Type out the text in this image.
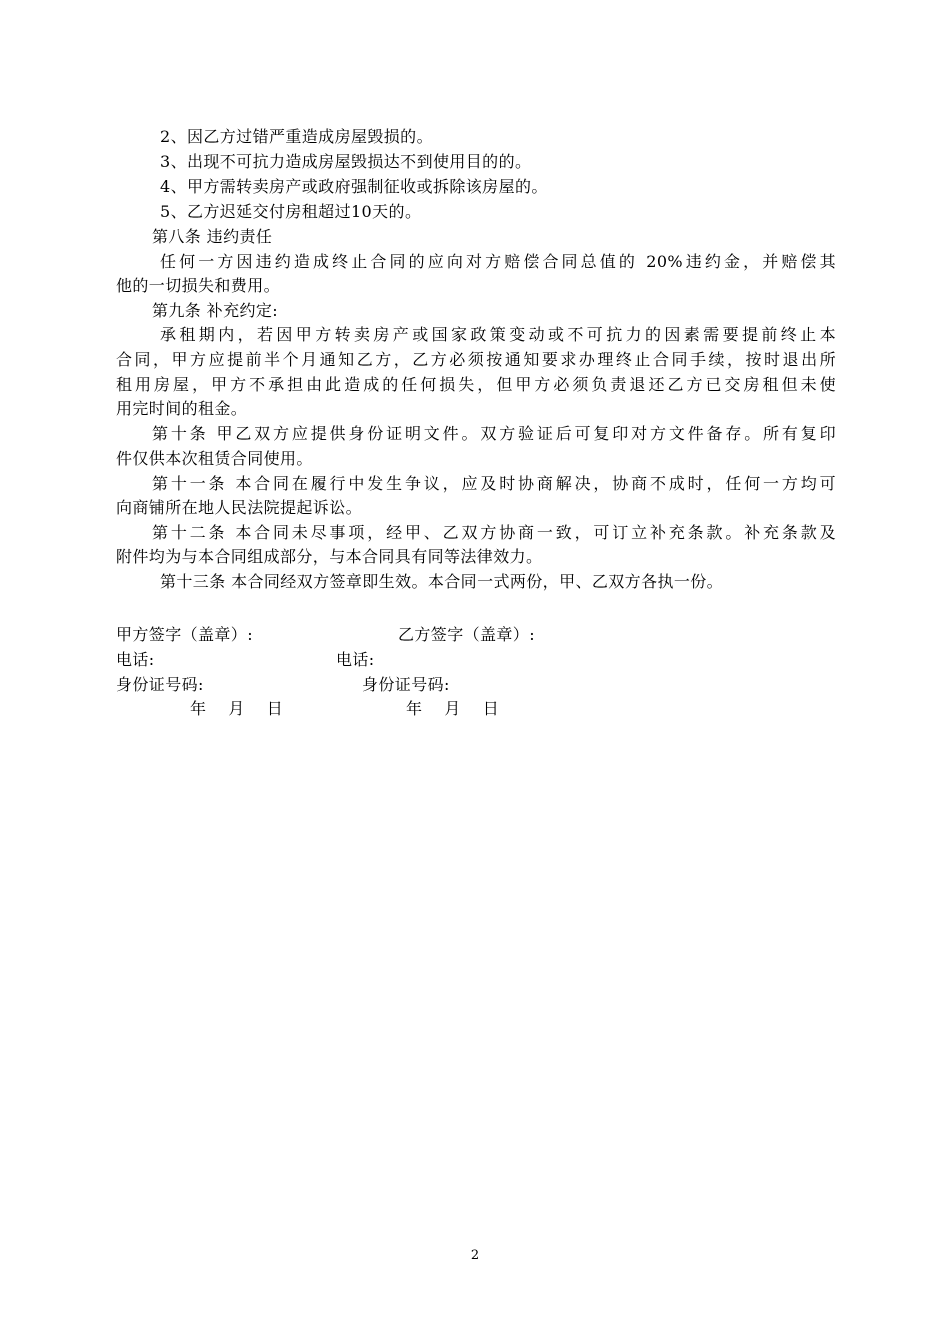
2、因乙方过错严重造成房屋毁损的。
3、出现不可抗力造成房屋毁损达不到使用目的的。
4、甲方需转卖房产或政府强制征收或拆除该房屋的。
5、乙方迟延交付房租超过10天的。
第八条 违约责任
任何一方因违约造成终止合同的应向对方赔偿合同总值的 20%违约金，并赔偿其
他的一切损失和费用。
第九条 补充约定:
承租期内，若因甲方转卖房产或国家政策变动或不可抗力的因素需要提前终止本
合同，甲方应提前半个月通知乙方，乙方必须按通知要求办理终止合同手续，按时退出所
租用房屋，甲方不承担由此造成的任何损失，但甲方必须负责退还乙方已交房租但未使
用完时间的租金。
第十条 甲乙双方应提供身份证明文件。双方验证后可复印对方文件备存。所有复印
件仅供本次租赁合同使用。
第十一条 本合同在履行中发生争议，应及时协商解决，协商不成时，任何一方均可
向商铺所在地人民法院提起诉讼。
第十二条 本合同未尽事项，经甲、乙双方协商一致，可订立补充条款。补充条款及
附件均为与本合同组成部分，与本合同具有同等法律效力。
第十三条 本合同经双方签章即生效。本合同一式两份，甲、乙双方各执一份。
甲方签字（盖章）:	乙方签字（盖章）:
电话:	电话:
身份证号码:	身份证号码:
年    月    日	年    月    日
2
